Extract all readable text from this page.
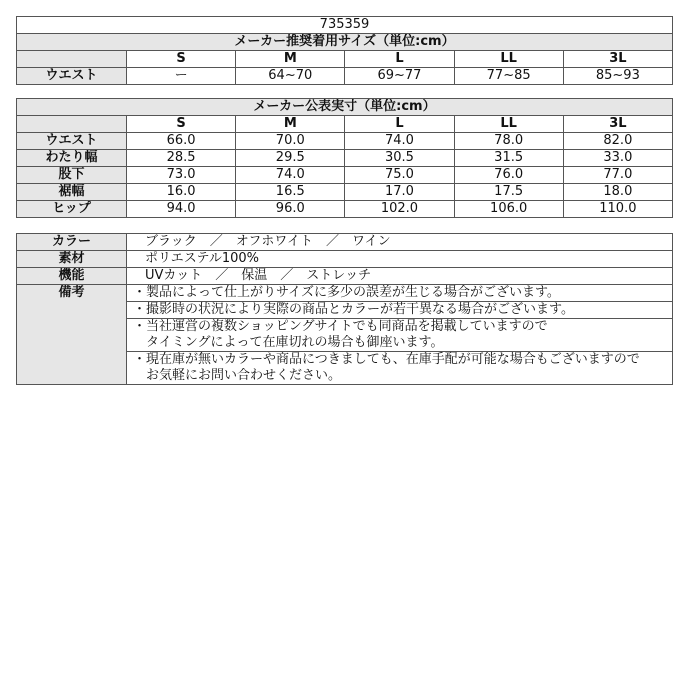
735359					
メーカー推奨着用サイズ（単位:cm）					
	S	M	L	LL	3L
ウエスト	ー	64~70	69~77	77~85	85~93
メーカー公表実寸（単位:cm）					
	S	M	L	LL	3L
ウエスト	66.0	70.0	74.0	78.0	82.0
わたり幅	28.5	29.5	30.5	31.5	33.0
股下	73.0	74.0	75.0	76.0	77.0
裾幅	16.0	16.5	17.0	17.5	18.0
ヒップ	94.0	96.0	102.0	106.0	110.0
カラー	ブラック　／　オフホワイト　／　ワイン
素材	ポリエステル100%
機能	UVカット　／　保温　／　ストレッチ
備考	・製品によって仕上がりサイズに多少の誤差が生じる場合がございます。
	・撮影時の状況により実際の商品とカラーが若干異なる場合がございます。
	・当社運営の複数ショッピングサイトでも同商品を掲載していますので
	　タイミングによって在庫切れの場合も御座います。
	・現在庫が無いカラーや商品につきましても、在庫手配が可能な場合もございますので
	　お気軽にお問い合わせください。
